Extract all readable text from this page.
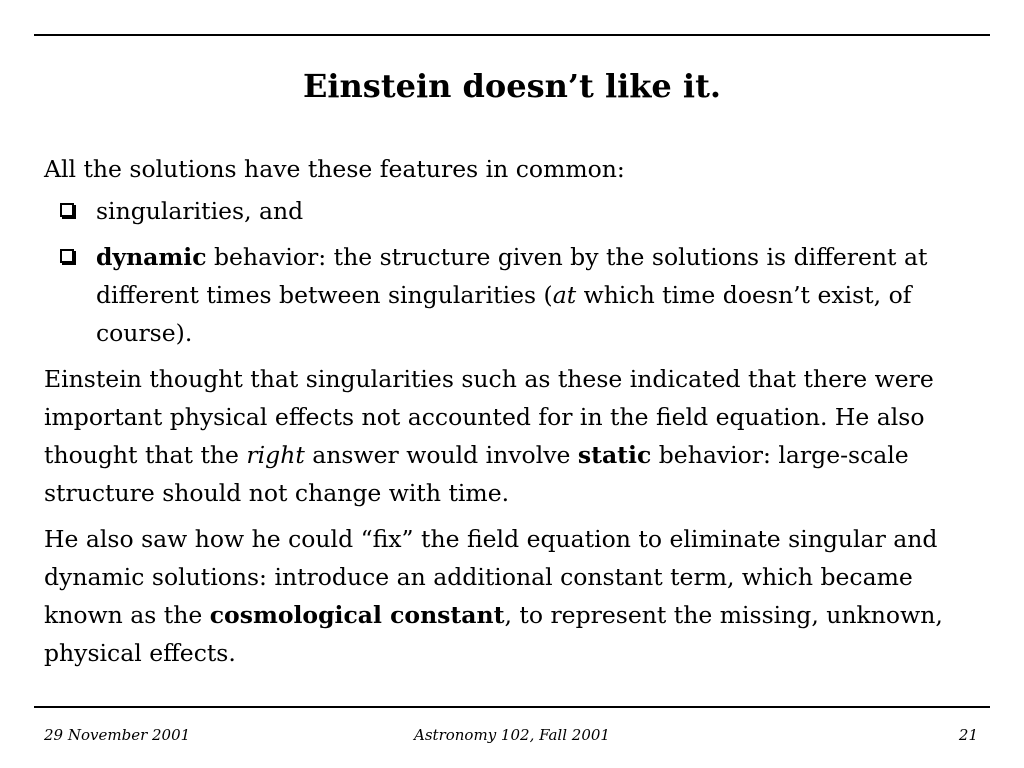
Einstein doesn’t like it.

All the solutions have these features in common:

singularities, and
dynamic behavior: the structure given by the solutions is different at different times between singularities (at which time doesn’t exist, of course).

Einstein thought that singularities such as these indicated that there were important physical effects not accounted for in the field equation. He also thought that the right answer would involve static behavior: large-scale structure should not change with time.

He also saw how he could “fix” the field equation to eliminate singular and dynamic solutions: introduce an additional constant term, which became known as the cosmological constant, to represent the missing, unknown, physical effects.

29 November 2001	Astronomy 102, Fall 2001	21
